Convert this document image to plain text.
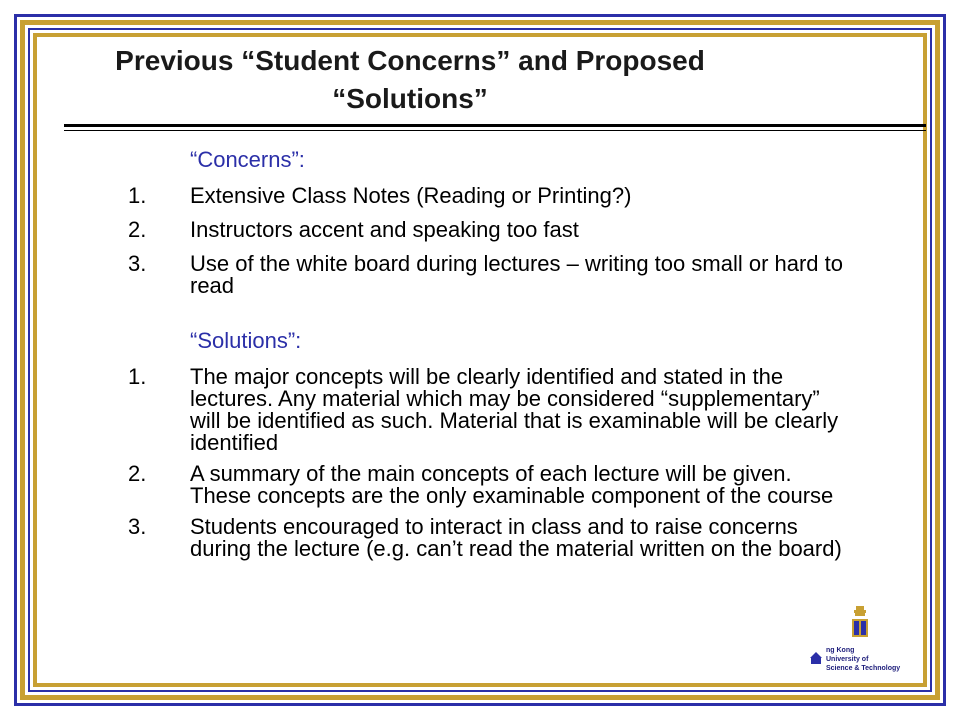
Previous “Student Concerns” and Proposed
“Solutions”
“Concerns”:
1.	Extensive Class Notes (Reading or Printing?)
2.	Instructors accent and speaking too fast
3.	Use of the white board during lectures – writing too small or hard to read
“Solutions”:
1.	The major concepts will be clearly identified and stated in the lectures. Any material which may be considered “supplementary” will be identified as such. Material that is examinable will be clearly identified
2.	A summary of the main concepts of each lecture will be given. These concepts are the only examinable component of the course
3.	Students encouraged to interact in class and to raise concerns during the lecture (e.g. can’t read the material written on the board)
ng Kong
University of
Science & Technology
